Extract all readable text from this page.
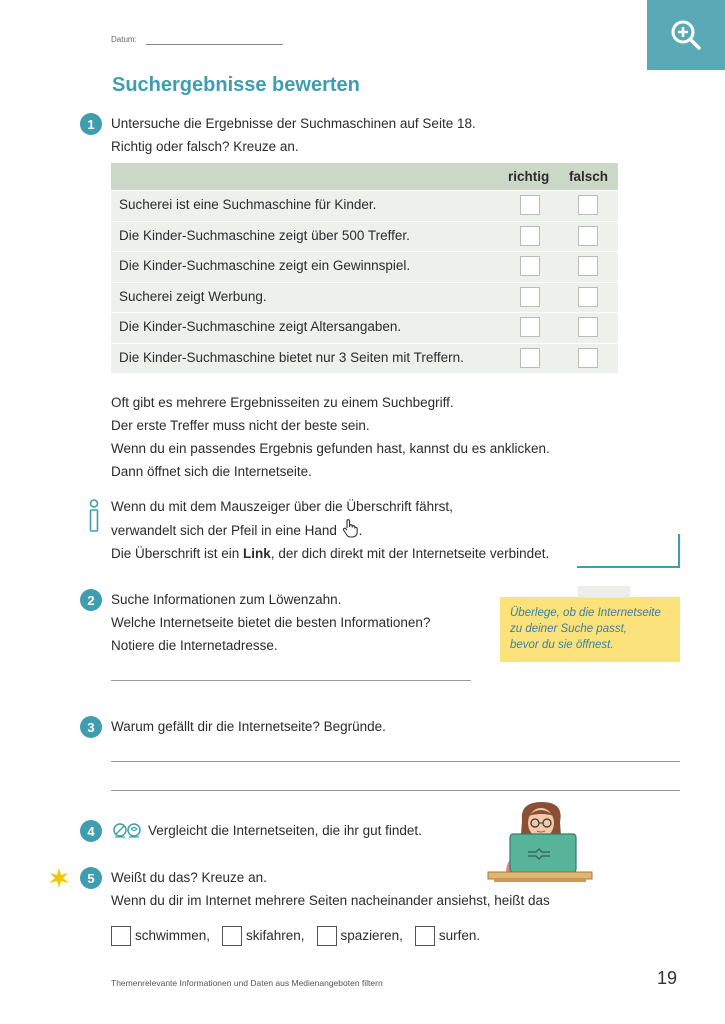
Datum:
Suchergebnisse bewerten
1	Untersuche die Ergebnisse der Suchmaschinen auf Seite 18.
Richtig oder falsch? Kreuze an.
richtig falsch
Sucherei ist eine Suchmaschine für Kinder.
Die Kinder-Suchmaschine zeigt über 500 Treffer.
Die Kinder-Suchmaschine zeigt ein Gewinnspiel.
Sucherei zeigt Werbung.
Die Kinder-Suchmaschine zeigt Altersangaben.
Die Kinder-Suchmaschine bietet nur 3 Seiten mit Treffern.
Oft gibt es mehrere Ergebnisseiten zu einem Suchbegriff.
Der erste Treffer muss nicht der beste sein.
Wenn du ein passendes Ergebnis gefunden hast, kannst du es anklicken.
Dann öffnet sich die Internetseite.
Wenn du mit dem Mauszeiger über die Überschrift fährst,
verwandelt sich der Pfeil in eine Hand .
Die Überschrift ist ein Link, der dich direkt mit der Internetseite verbindet.
2	Suche Informationen zum Löwenzahn.
Welche Internetseite bietet die besten Informationen?
Notiere die Internetadresse.
Überlege, ob die Internetseite
zu deiner Suche passt,
bevor du sie öffnest.
3	Warum gefällt dir die Internetseite? Begründe.
4	Vergleicht die Internetseiten, die ihr gut findet.
5	Weißt du das? Kreuze an.
Wenn du dir im Internet mehrere Seiten nacheinander ansiehst, heißt das
schwimmen,	skifahren,	spazieren,	surfen.
Themenrelevante Informationen und Daten aus Medienangeboten filtern	19
